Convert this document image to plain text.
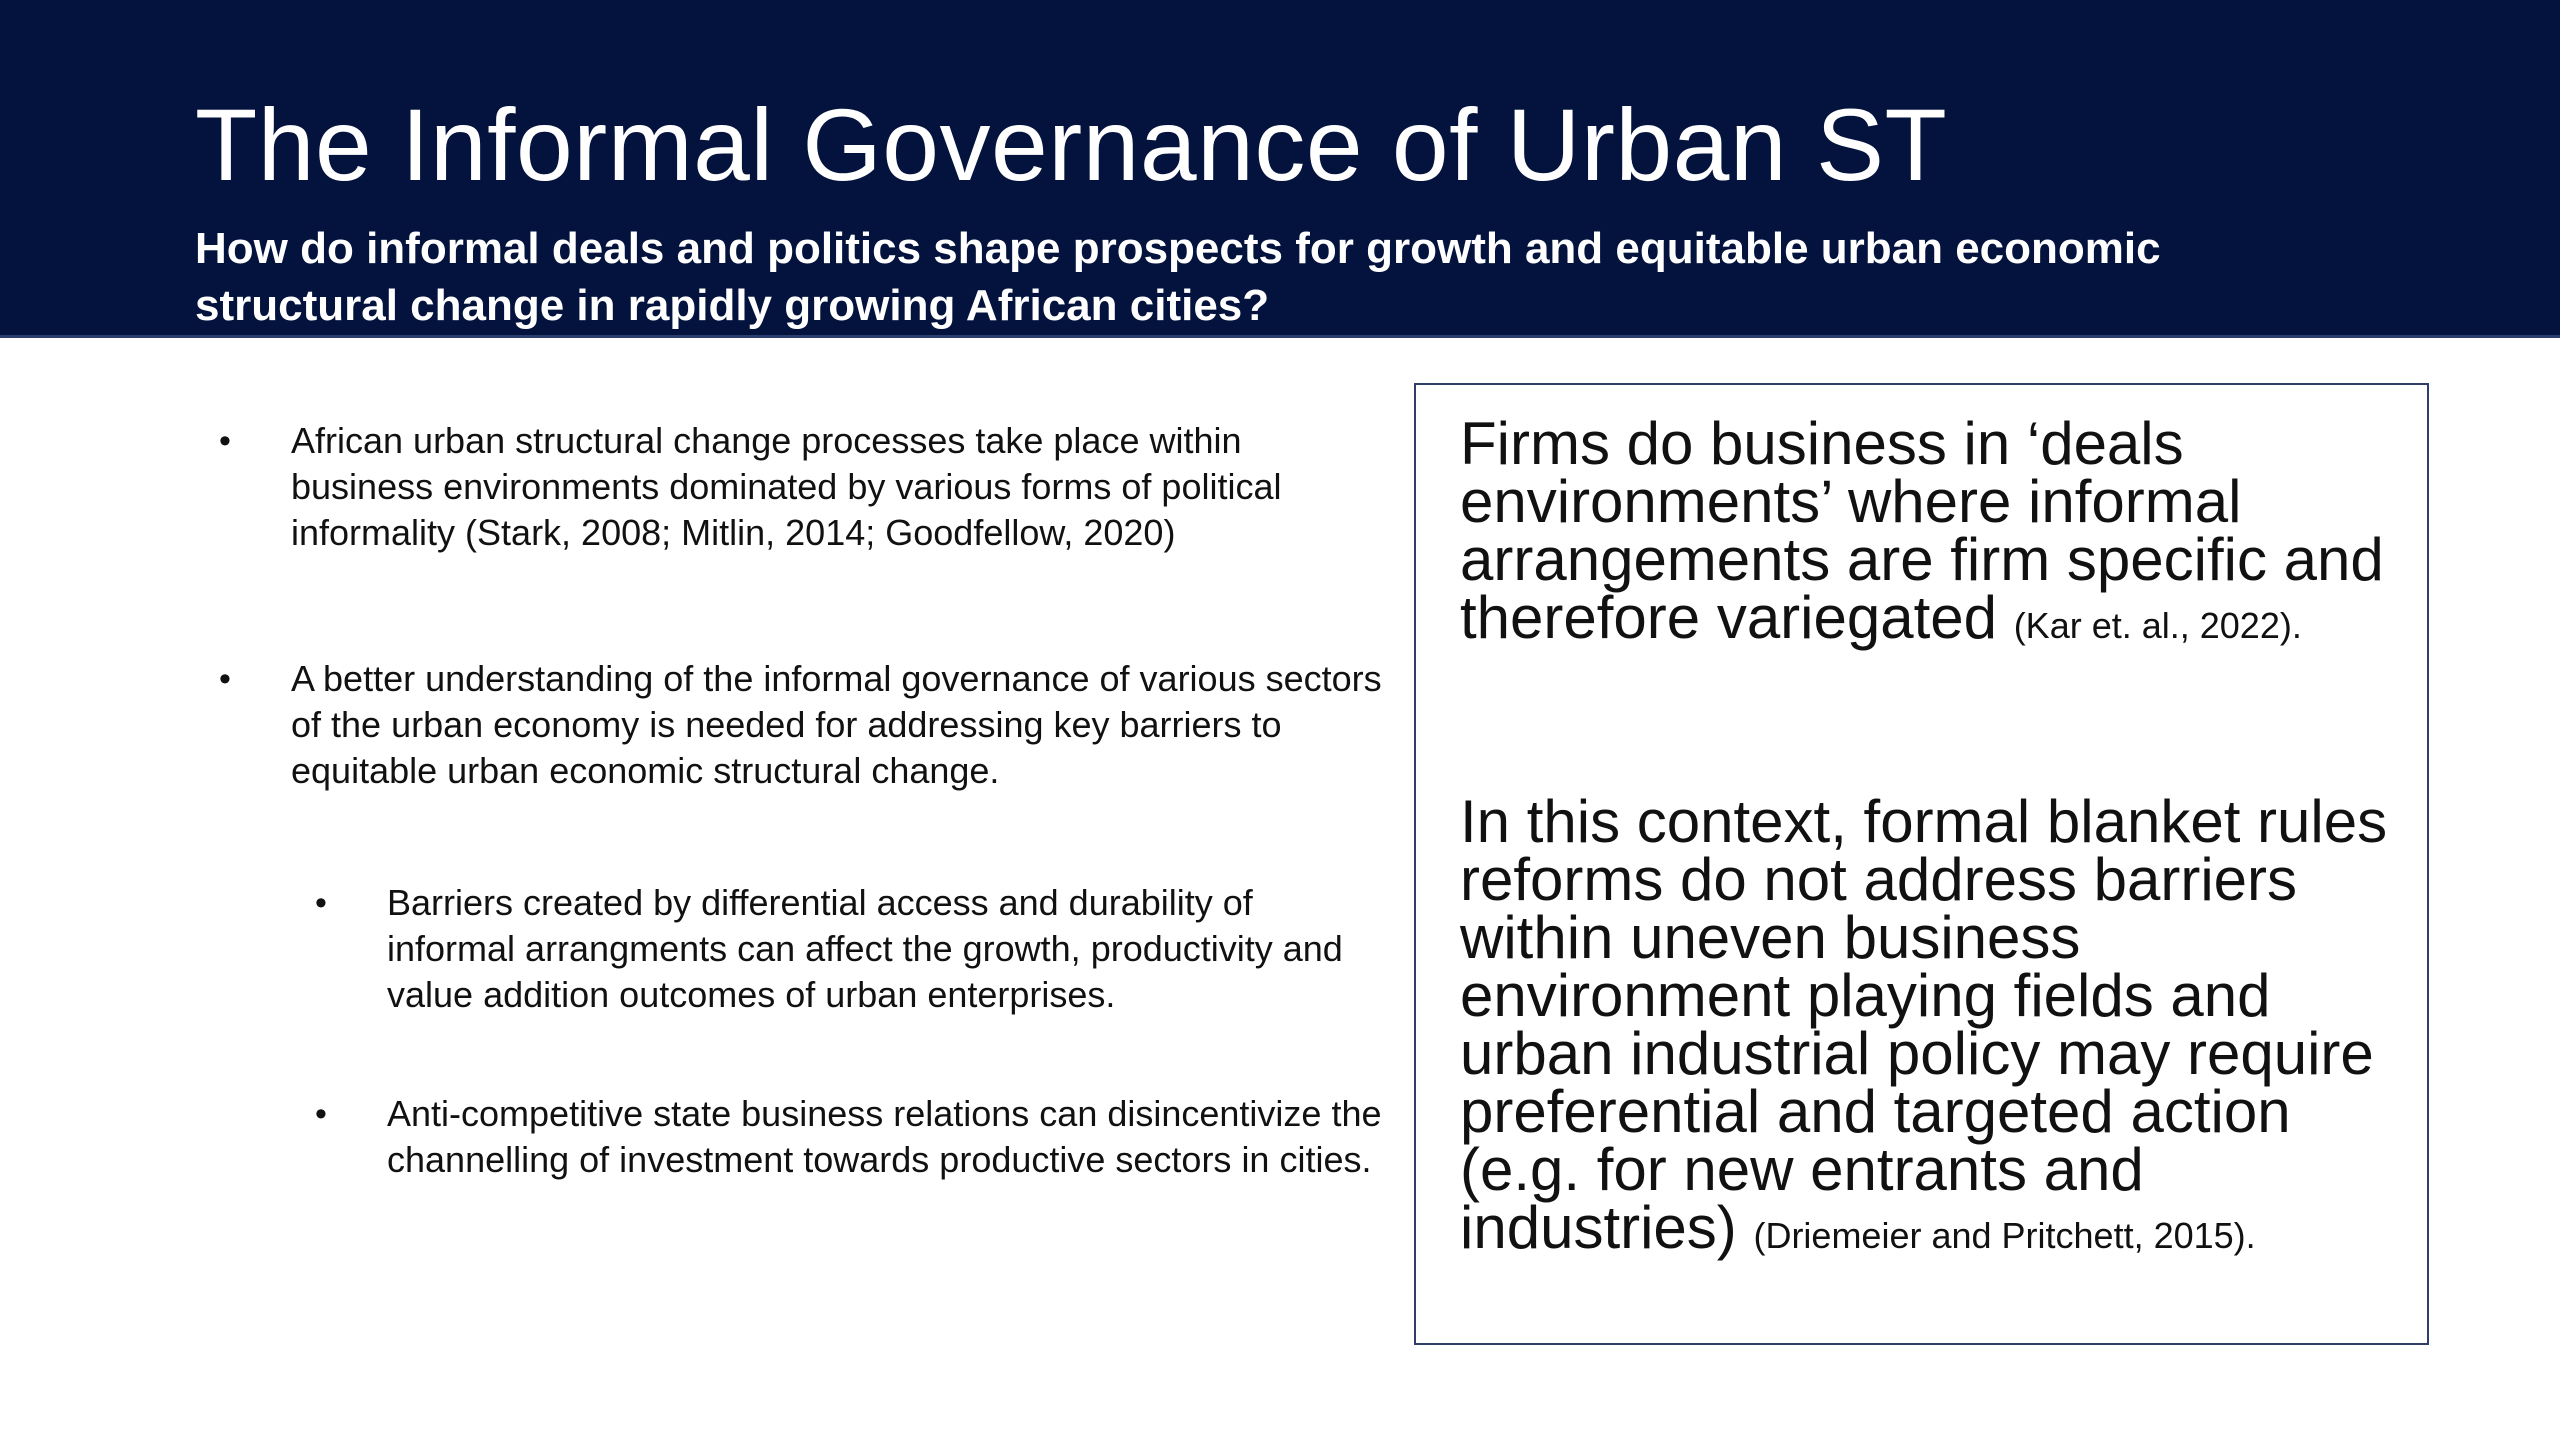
The Informal Governance of Urban ST

How do informal deals and politics shape prospects for growth and equitable urban economic structural change in rapidly growing African cities?

• African urban structural change processes take place within business environments dominated by various forms of political informality (Stark, 2008; Mitlin, 2014; Goodfellow, 2020)
• A better understanding of the informal governance of various sectors of the urban economy is needed for addressing key barriers to equitable urban economic structural change.
• Barriers created by differential access and durability of informal arrangments can affect the growth, productivity and value addition outcomes of urban enterprises.
• Anti-competitive state business relations can disincentivize the channelling of investment towards productive sectors in cities.

Firms do business in ‘deals environments’ where informal arrangements are firm specific and therefore variegated (Kar et. al., 2022).

In this context, formal blanket rules reforms do not address barriers within uneven business environment playing fields and urban industrial policy may require preferential and targeted action (e.g. for new entrants and industries) (Driemeier and Pritchett, 2015).
